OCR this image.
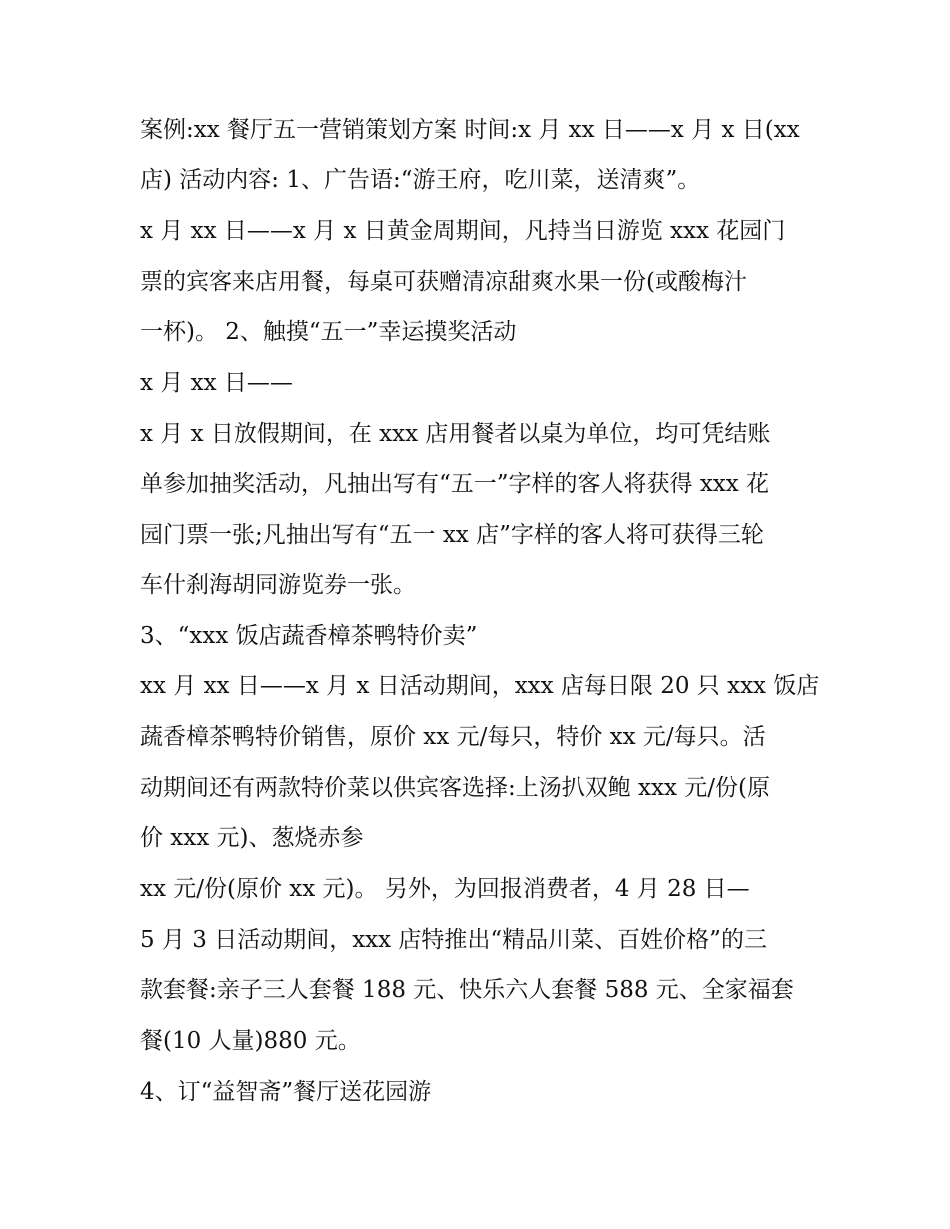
案例:xx 餐厅五一营销策划方案 时间:x 月 xx 日——x 月 x 日(xx

店) 活动内容: 1、广告语:“游王府，吃川菜，送清爽”。

x 月 xx 日——x 月 x 日黄金周期间，凡持当日游览 xxx 花园门

票的宾客来店用餐，每桌可获赠清凉甜爽水果一份(或酸梅汁

一杯)。 2、触摸“五一”幸运摸奖活动

x 月 xx 日——

x 月 x 日放假期间，在 xxx 店用餐者以桌为单位，均可凭结账

单参加抽奖活动，凡抽出写有“五一”字样的客人将获得 xxx 花

园门票一张;凡抽出写有“五一 xx 店”字样的客人将可获得三轮

车什刹海胡同游览券一张。

3、“xxx 饭店蔬香樟茶鸭特价卖”

xx 月 xx 日——x 月 x 日活动期间，xxx 店每日限 20 只 xxx 饭店

蔬香樟茶鸭特价销售，原价 xx 元/每只，特价 xx 元/每只。活

动期间还有两款特价菜以供宾客选择:上汤扒双鲍 xxx 元/份(原

价 xxx 元)、葱烧赤参

xx 元/份(原价 xx 元)。 另外，为回报消费者，4 月 28 日—

5 月 3 日活动期间，xxx 店特推出“精品川菜、百姓价格”的三

款套餐:亲子三人套餐 188 元、快乐六人套餐 588 元、全家福套

餐(10 人量)880 元。

4、订“益智斋”餐厅送花园游
